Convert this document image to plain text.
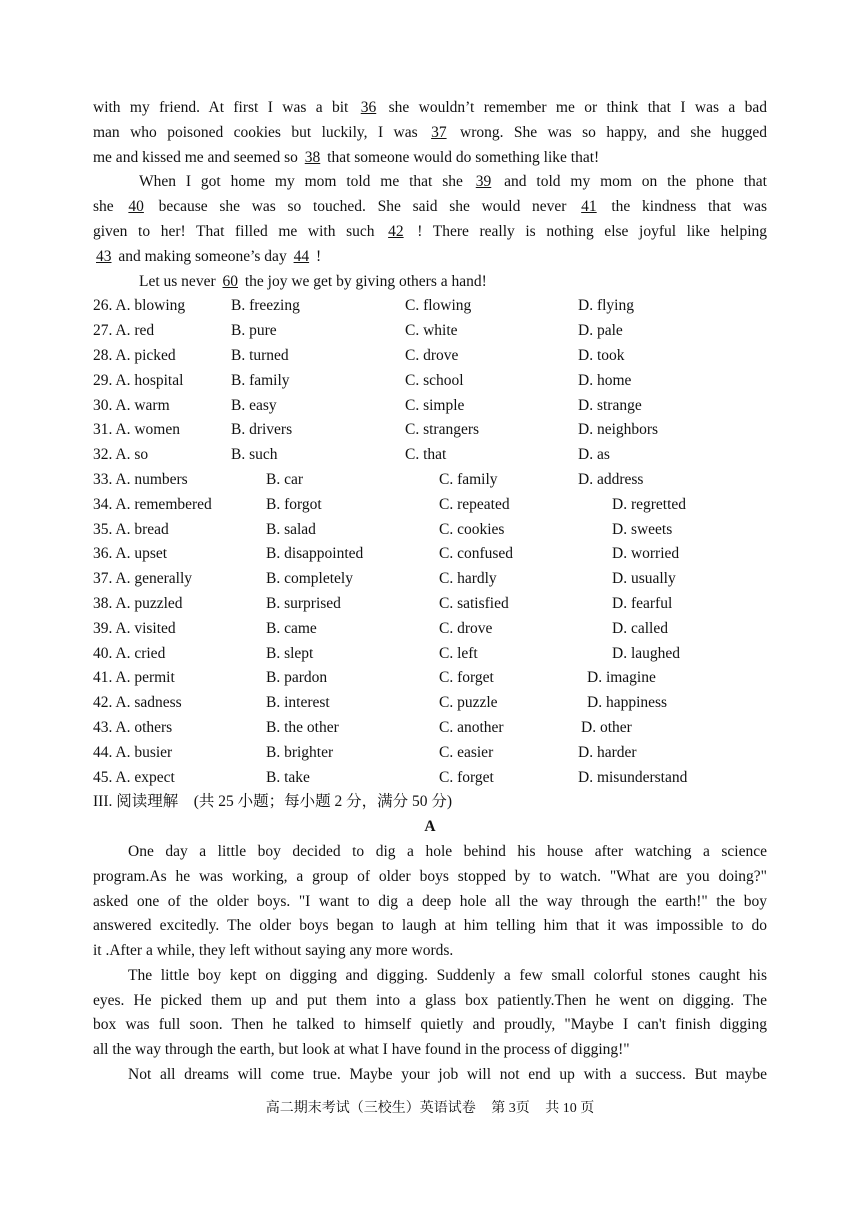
with my friend. At first I was a bit 36 she wouldn’t remember me or think that I was a bad
man who poisoned cookies but luckily, I was 37 wrong. She was so happy, and she hugged
me and kissed me and seemed so 38 that someone would do something like that!
When I got home my mom told me that she 39 and told my mom on the phone that
she 40 because she was so touched. She said she would never 41 the kindness that was
given to her! That filled me with such 42 ! There really is nothing else joyful like helping
43 and making someone’s day 44 !
Let us never 60 the joy we get by giving others a hand!
26. A. blowing	B. freezing	C. flowing	D. flying
27. A. red	B. pure	C. white	D. pale
28. A. picked	B. turned	C. drove	D. took
29. A. hospital	B. family	C. school	D. home
30. A. warm	B. easy	C. simple	D. strange
31. A. women	B. drivers	C. strangers	D. neighbors
32. A. so	B. such	C. that	D. as
33. A. numbers	B. car	C. family	D. address
34. A. remembered	B. forgot	C. repeated	D. regretted
35. A. bread	B. salad	C. cookies	D. sweets
36. A. upset	B. disappointed	C. confused	D. worried
37. A. generally	B. completely	C. hardly	D. usually
38. A. puzzled	B. surprised	C. satisfied	D. fearful
39. A. visited	B. came	C. drove	D. called
40. A. cried	B. slept	C. left	D. laughed
41. A. permit	B. pardon	C. forget	D. imagine
42. A. sadness	B. interest	C. puzzle	D. happiness
43. A. others	B. the other	C. another	D. other
44. A. busier	B. brighter	C. easier	D. harder
45. A. expect	B. take	C. forget	D. misunderstand
III. 阅读理解　(共 25 小题；每小题 2 分，满分 50 分)
A
One day a little boy decided to dig a hole behind his house after watching a science
program.As he was working, a group of older boys stopped by to watch. "What are you doing?"
asked one of the older boys. "I want to dig a deep hole all the way through the earth!" the boy
answered excitedly. The older boys began to laugh at him telling him that it was impossible to do
it .After a while, they left without saying any more words.
The little boy kept on digging and digging. Suddenly a few small colorful stones caught his
eyes. He picked them up and put them into a glass box patiently.Then he went on digging. The
box was full soon. Then he talked to himself quietly and proudly, "Maybe I can't finish digging
all the way through the earth, but look at what I have found in the process of digging!"
Not all dreams will come true. Maybe your job will not end up with a success. But maybe
高二期末考试（三校生）英语试卷 第 3页 共 10 页
